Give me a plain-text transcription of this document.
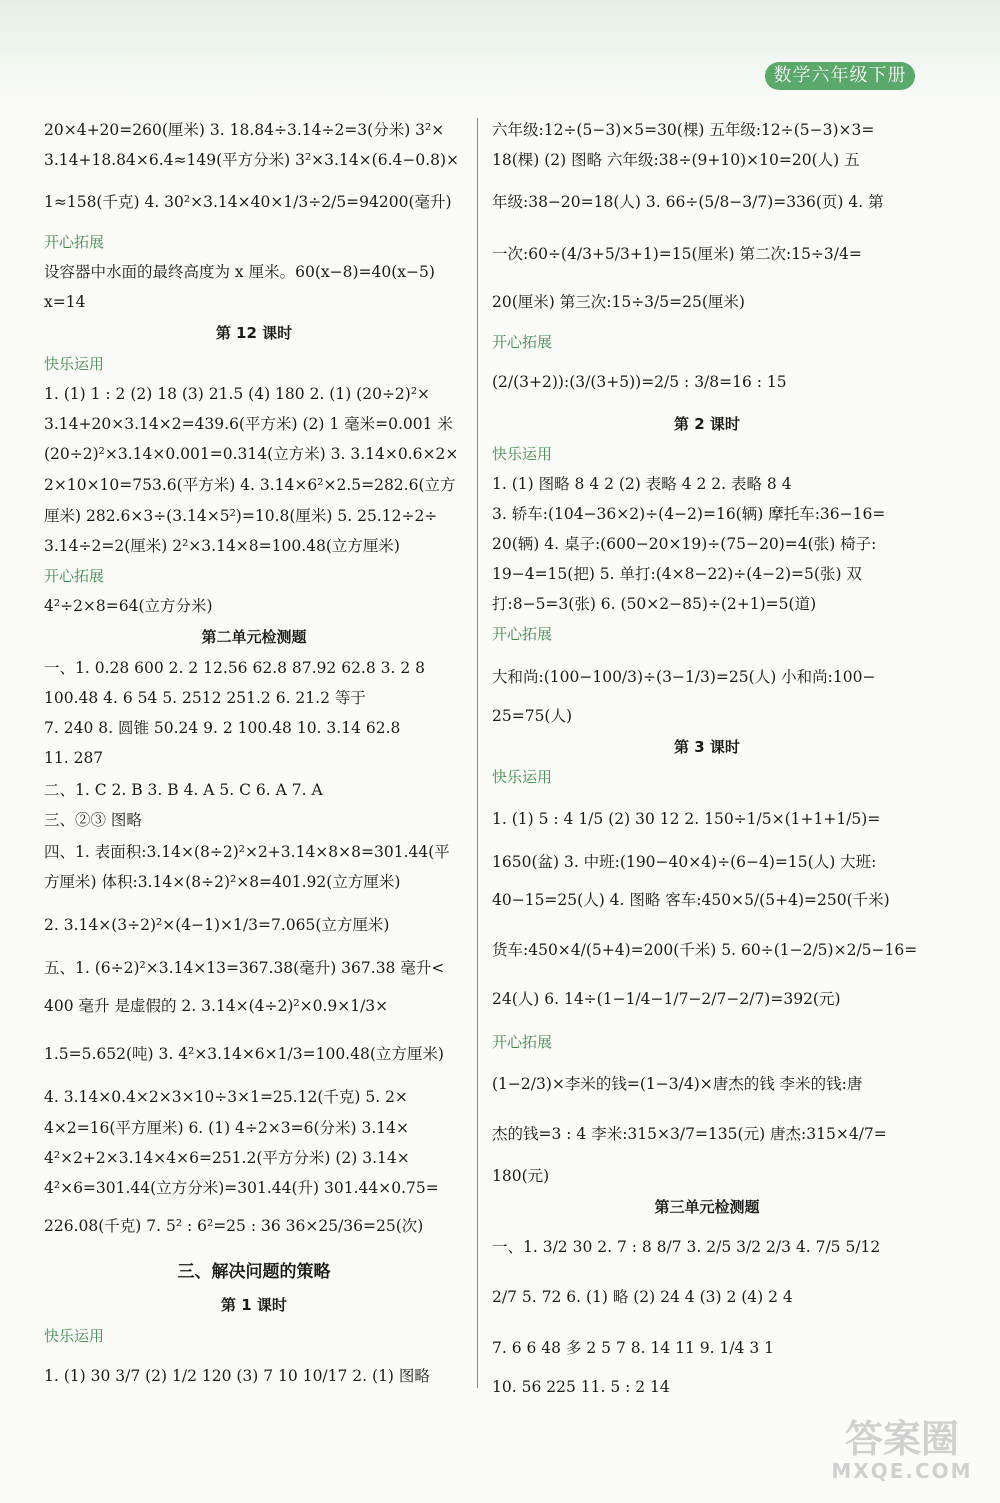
数学六年级下册
20×4+20=260(厘米) 3. 18.84÷3.14÷2=3(分米) 3²×
3.14+18.84×6.4≈149(平方分米) 3²×3.14×(6.4−0.8)×
1≈158(千克) 4. 30²×3.14×40×1/3÷2/5=94200(毫升)
开心拓展
设容器中水面的最终高度为 x 厘米。60(x−8)=40(x−5)
x=14
第 12 课时
快乐运用
1. (1) 1 : 2 (2) 18 (3) 21.5 (4) 180 2. (1) (20÷2)²×
3.14+20×3.14×2=439.6(平方米) (2) 1 毫米=0.001 米
(20÷2)²×3.14×0.001=0.314(立方米) 3. 3.14×0.6×2×
2×10×10=753.6(平方米) 4. 3.14×6²×2.5=282.6(立方
厘米) 282.6×3÷(3.14×5²)=10.8(厘米) 5. 25.12÷2÷
3.14÷2=2(厘米) 2²×3.14×8=100.48(立方厘米)
开心拓展
4²÷2×8=64(立方分米)
第二单元检测题
一、1. 0.28 600 2. 2 12.56 62.8 87.92 62.8 3. 2 8
100.48 4. 6 54 5. 2512 251.2 6. 21.2 等于
7. 240 8. 圆锥 50.24 9. 2 100.48 10. 3.14 62.8
11. 287
二、1. C 2. B 3. B 4. A 5. C 6. A 7. A
三、②③ 图略
四、1. 表面积:3.14×(8÷2)²×2+3.14×8×8=301.44(平
方厘米) 体积:3.14×(8÷2)²×8=401.92(立方厘米)
2. 3.14×(3÷2)²×(4−1)×1/3=7.065(立方厘米)
五、1. (6÷2)²×3.14×13=367.38(毫升) 367.38 毫升<
400 毫升 是虚假的 2. 3.14×(4÷2)²×0.9×1/3×
1.5=5.652(吨) 3. 4²×3.14×6×1/3=100.48(立方厘米)
4. 3.14×0.4×2×3×10÷3×1=25.12(千克) 5. 2×
4×2=16(平方厘米) 6. (1) 4÷2×3=6(分米) 3.14×
4²×2+2×3.14×4×6=251.2(平方分米) (2) 3.14×
4²×6=301.44(立方分米)=301.44(升) 301.44×0.75=
226.08(千克) 7. 5² : 6²=25 : 36 36×25/36=25(次)
三、解决问题的策略
第 1 课时
快乐运用
1. (1) 30 3/7 (2) 1/2 120 (3) 7 10 10/17 2. (1) 图略
六年级:12÷(5−3)×5=30(棵) 五年级:12÷(5−3)×3=
18(棵) (2) 图略 六年级:38÷(9+10)×10=20(人) 五
年级:38−20=18(人) 3. 66÷(5/8−3/7)=336(页) 4. 第
一次:60÷(4/3+5/3+1)=15(厘米) 第二次:15÷3/4=
20(厘米) 第三次:15÷3/5=25(厘米)
开心拓展
(2/(3+2)):(3/(3+5))=2/5 : 3/8=16 : 15
第 2 课时
快乐运用
1. (1) 图略 8 4 2 (2) 表略 4 2 2. 表略 8 4
3. 轿车:(104−36×2)÷(4−2)=16(辆) 摩托车:36−16=
20(辆) 4. 桌子:(600−20×19)÷(75−20)=4(张) 椅子:
19−4=15(把) 5. 单打:(4×8−22)÷(4−2)=5(张) 双
打:8−5=3(张) 6. (50×2−85)÷(2+1)=5(道)
开心拓展
大和尚:(100−100/3)÷(3−1/3)=25(人) 小和尚:100−
25=75(人)
第 3 课时
快乐运用
1. (1) 5 : 4 1/5 (2) 30 12 2. 150÷1/5×(1+1+1/5)=
1650(盆) 3. 中班:(190−40×4)÷(6−4)=15(人) 大班:
40−15=25(人) 4. 图略 客车:450×5/(5+4)=250(千米)
货车:450×4/(5+4)=200(千米) 5. 60÷(1−2/5)×2/5−16=
24(人) 6. 14÷(1−1/4−1/7−2/7−2/7)=392(元)
开心拓展
(1−2/3)×李米的钱=(1−3/4)×唐杰的钱 李米的钱:唐
杰的钱=3 : 4 李米:315×3/7=135(元) 唐杰:315×4/7=
180(元)
第三单元检测题
一、1. 3/2 30 2. 7 : 8 8/7 3. 2/5 3/2 2/3 4. 7/5 5/12
2/7 5. 72 6. (1) 略 (2) 24 4 (3) 2 (4) 2 4
7. 6 6 48 多 2 5 7 8. 14 11 9. 1/4 3 1
10. 56 225 11. 5 : 2 14
答案圈
MXQE.COM
